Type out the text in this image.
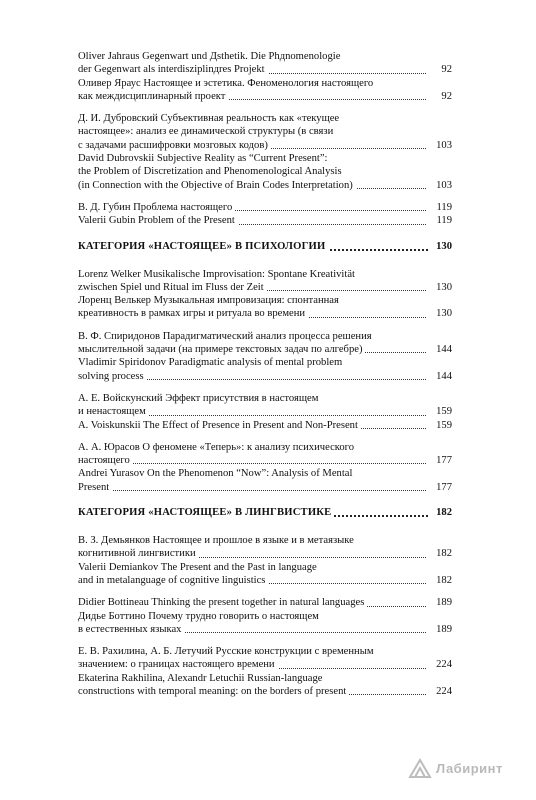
Oliver Jahraus Gegenwart und Дsthetik. Die Phдnomenologie
der Gegenwart als interdisziplinдres Projekt	92
Оливер Яраус Настоящее и эстетика. Феноменология настоящего
как междисциплинарный проект	92
Д. И. Дубровский Субъективная реальность как «текущее
настоящее»: анализ ее динамической структуры (в связи
с задачами расшифровки мозговых кодов)	103
David Dubrovskii Subjective Reality as “Current Present”:
the Problem of Discretization and Phenomenological Analysis
(in Connection with the Objective of Brain Codes Interpretation)	103
В. Д. Губин Проблема настоящего	119
Valerii Gubin Problem of the Present	119
КАТЕГОРИЯ «НАСТОЯЩЕЕ» В ПСИХОЛОГИИ	130
Lorenz Welker Musikalische Improvisation: Spontane Kreativität
zwischen Spiel und Ritual im Fluss der Zeit	130
Лоренц Велькер Музыкальная импровизация: спонтанная
креативность в рамках игры и ритуала во времени	130
В. Ф. Спиридонов Парадигматический анализ процесса решения
мыслительной задачи (на примере текстовых задач по алгебре)	144
Vladimir Spiridonov Paradigmatic analysis of mental problem
solving process	144
А. Е. Войскунский Эффект присутствия в настоящем
и ненастоящем	159
A. Voiskunskii The Effect of Presence in Present and Non-Present	159
А. А. Юрасов О феномене «Теперь»: к анализу психического
настоящего	177
Andrei Yurasov On the Phenomenon “Now”: Analysis of Mental
Present	177
КАТЕГОРИЯ «НАСТОЯЩЕЕ» В ЛИНГВИСТИКЕ	182
В. З. Демьянков Настоящее и прошлое в языке и в метаязыке
когнитивной лингвистики	182
Valerii Demiankov The Present and the Past in language
and in metalanguage of cognitive linguistics	182
Didier Bottineau Thinking the present together in natural languages	189
Дидье Боттино Почему трудно говорить о настоящем
в естественных языках	189
Е. В. Рахилина, А. Б. Летучий Русские конструкции с временным
значением: о границах настоящего времени	224
Ekaterina Rakhilina, Alexandr Letuchii Russian-language
constructions with temporal meaning: on the borders of present	224
Лабиринт
